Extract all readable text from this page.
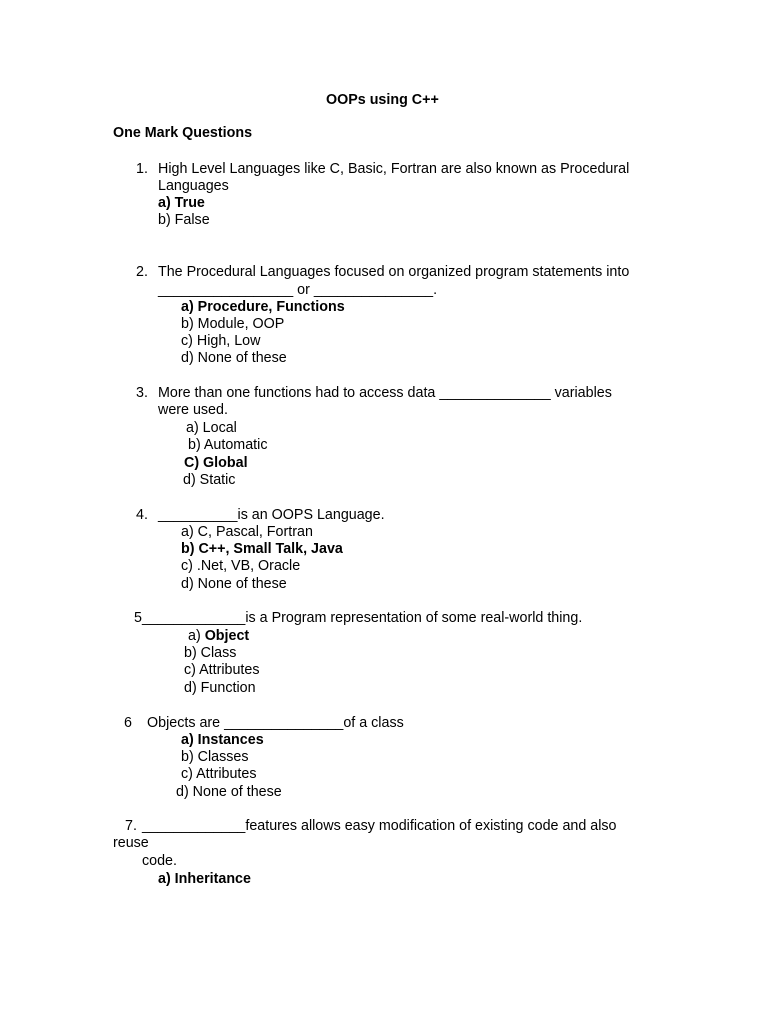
OOPs using C++
One Mark Questions
1. High Level Languages like C, Basic, Fortran are also known as Procedural
Languages
a) True
b) False
2. The Procedural Languages focused on organized program statements into
_________________ or _______________.
a) Procedure, Functions
b) Module, OOP
c) High, Low
d) None of these
3. More than one functions had to access data ______________ variables
were used.
a) Local
b) Automatic
C) Global
d) Static
4. __________is an OOPS Language.
a) C, Pascal, Fortran
b) C++, Small Talk, Java
c) .Net, VB, Oracle
d) None of these
5 _____________is a Program representation of some real-world thing.
a) Object
b) Class
c) Attributes
d) Function
6 Objects are _______________of a class
a) Instances
b) Classes
c) Attributes
d) None of these
7. _____________features allows easy modification of existing code and also
reuse
code.
a) Inheritance
